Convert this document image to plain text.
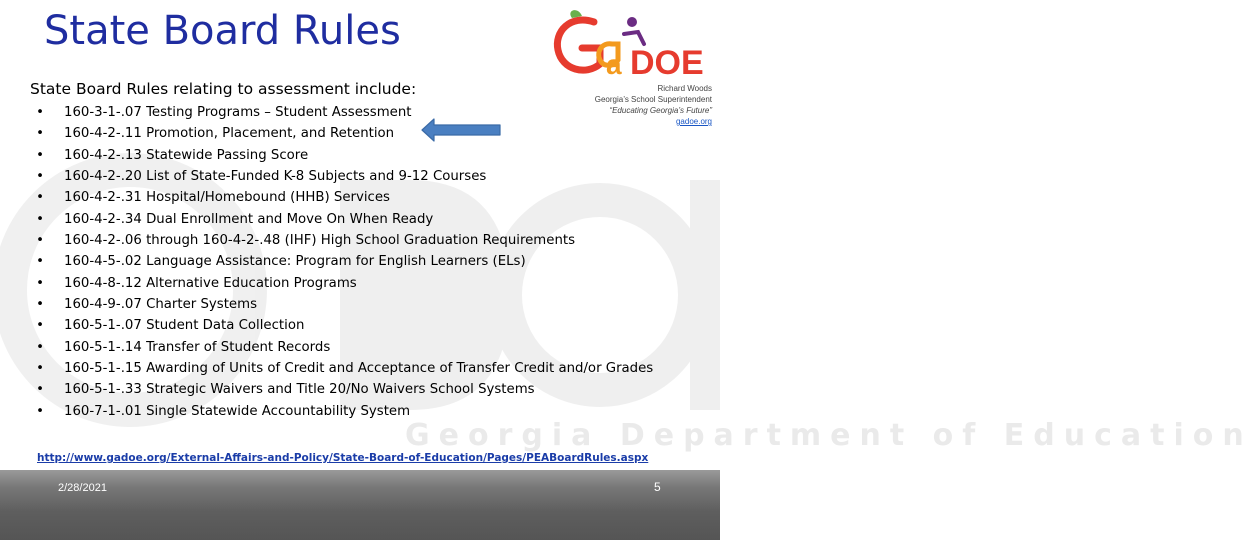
Georgia Department of Education
State Board Rules
a DOE
Richard Woods
Georgia’s School Superintendent
“Educating Georgia’s Future”
gadoe.org
State Board Rules relating to assessment include:
•	160-3-1-.07 Testing Programs – Student Assessment
•	160-4-2-.11 Promotion, Placement, and Retention
•	160-4-2-.13 Statewide Passing Score
•	160-4-2-.20 List of State-Funded K-8 Subjects and 9-12 Courses
•	160-4-2-.31 Hospital/Homebound (HHB) Services
•	160-4-2-.34 Dual Enrollment and Move On When Ready
•	160-4-2-.06 through 160-4-2-.48 (IHF) High School Graduation Requirements
•	160-4-5-.02 Language Assistance: Program for English Learners (ELs)
•	160-4-8-.12 Alternative Education Programs
•	160-4-9-.07 Charter Systems
•	160-5-1-.07 Student Data Collection
•	160-5-1-.14 Transfer of Student Records
•	160-5-1-.15 Awarding of Units of Credit and Acceptance of Transfer Credit and/or Grades
•	160-5-1-.33 Strategic Waivers and Title 20/No Waivers School Systems
•	160-7-1-.01 Single Statewide Accountability System
http://www.gadoe.org/External-Affairs-and-Policy/State-Board-of-Education/Pages/PEABoardRules.aspx
2/28/2021	5
